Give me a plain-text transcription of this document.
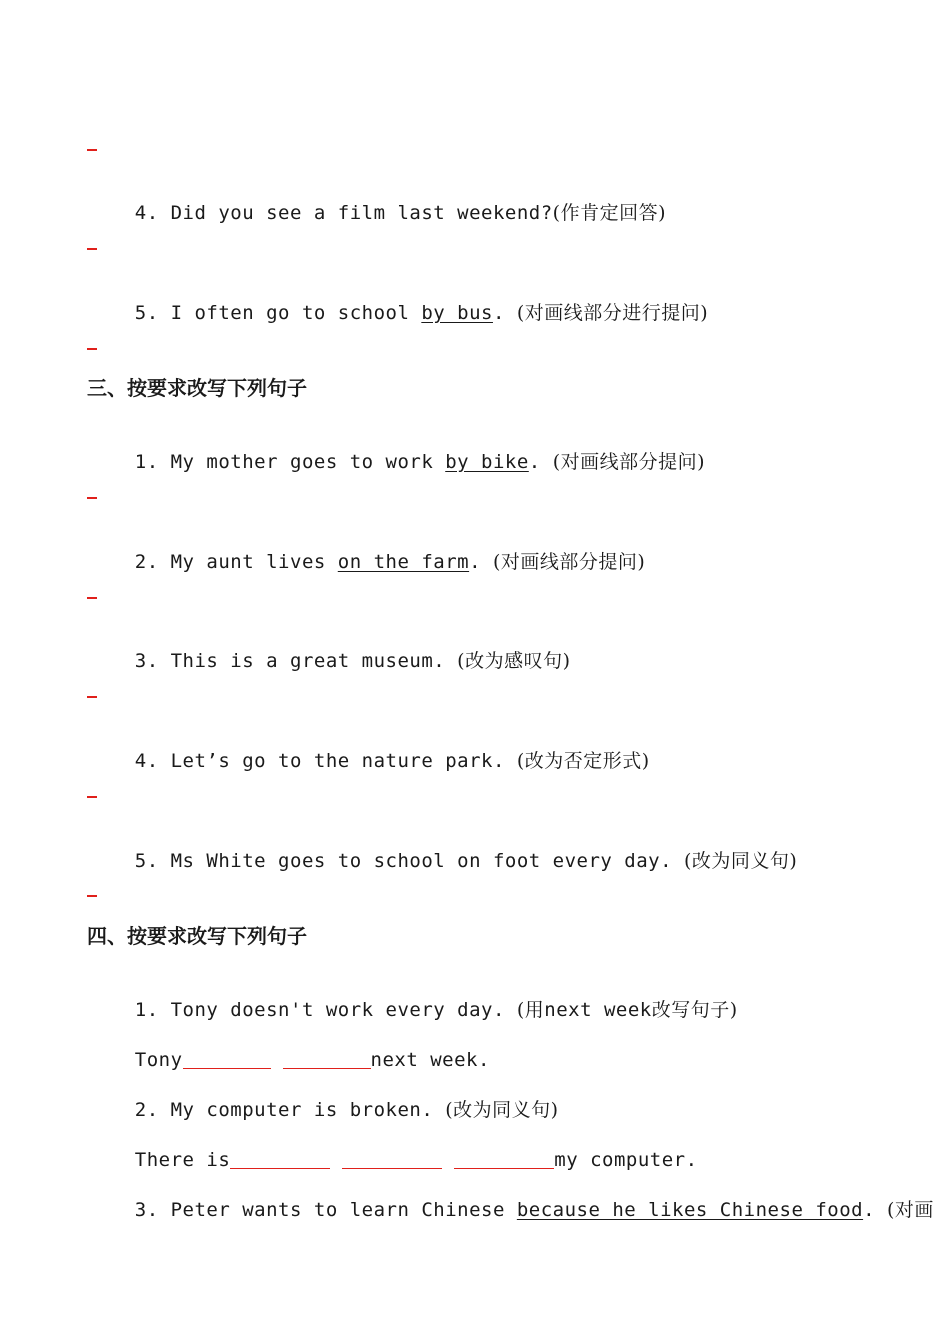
4. Did you see a film last weekend?(作肯定回答)

5. I often go to school by bus. (对画线部分进行提问)

三、按要求改写下列句子

1. My mother goes to work by bike. (对画线部分提问)

2. My aunt lives on the farm. (对画线部分提问)

3. This is a great museum. (改为感叹句)

4. Let’s go to the nature park. (改为否定形式)

5. Ms White goes to school on foot every day. (改为同义句)

四、按要求改写下列句子

1. Tony doesn't work every day. (用next week改写句子)

Tony	next week.

2. My computer is broken. (改为同义句)

There is	my computer.

3. Peter wants to learn Chinese because he likes Chinese food. (对画
